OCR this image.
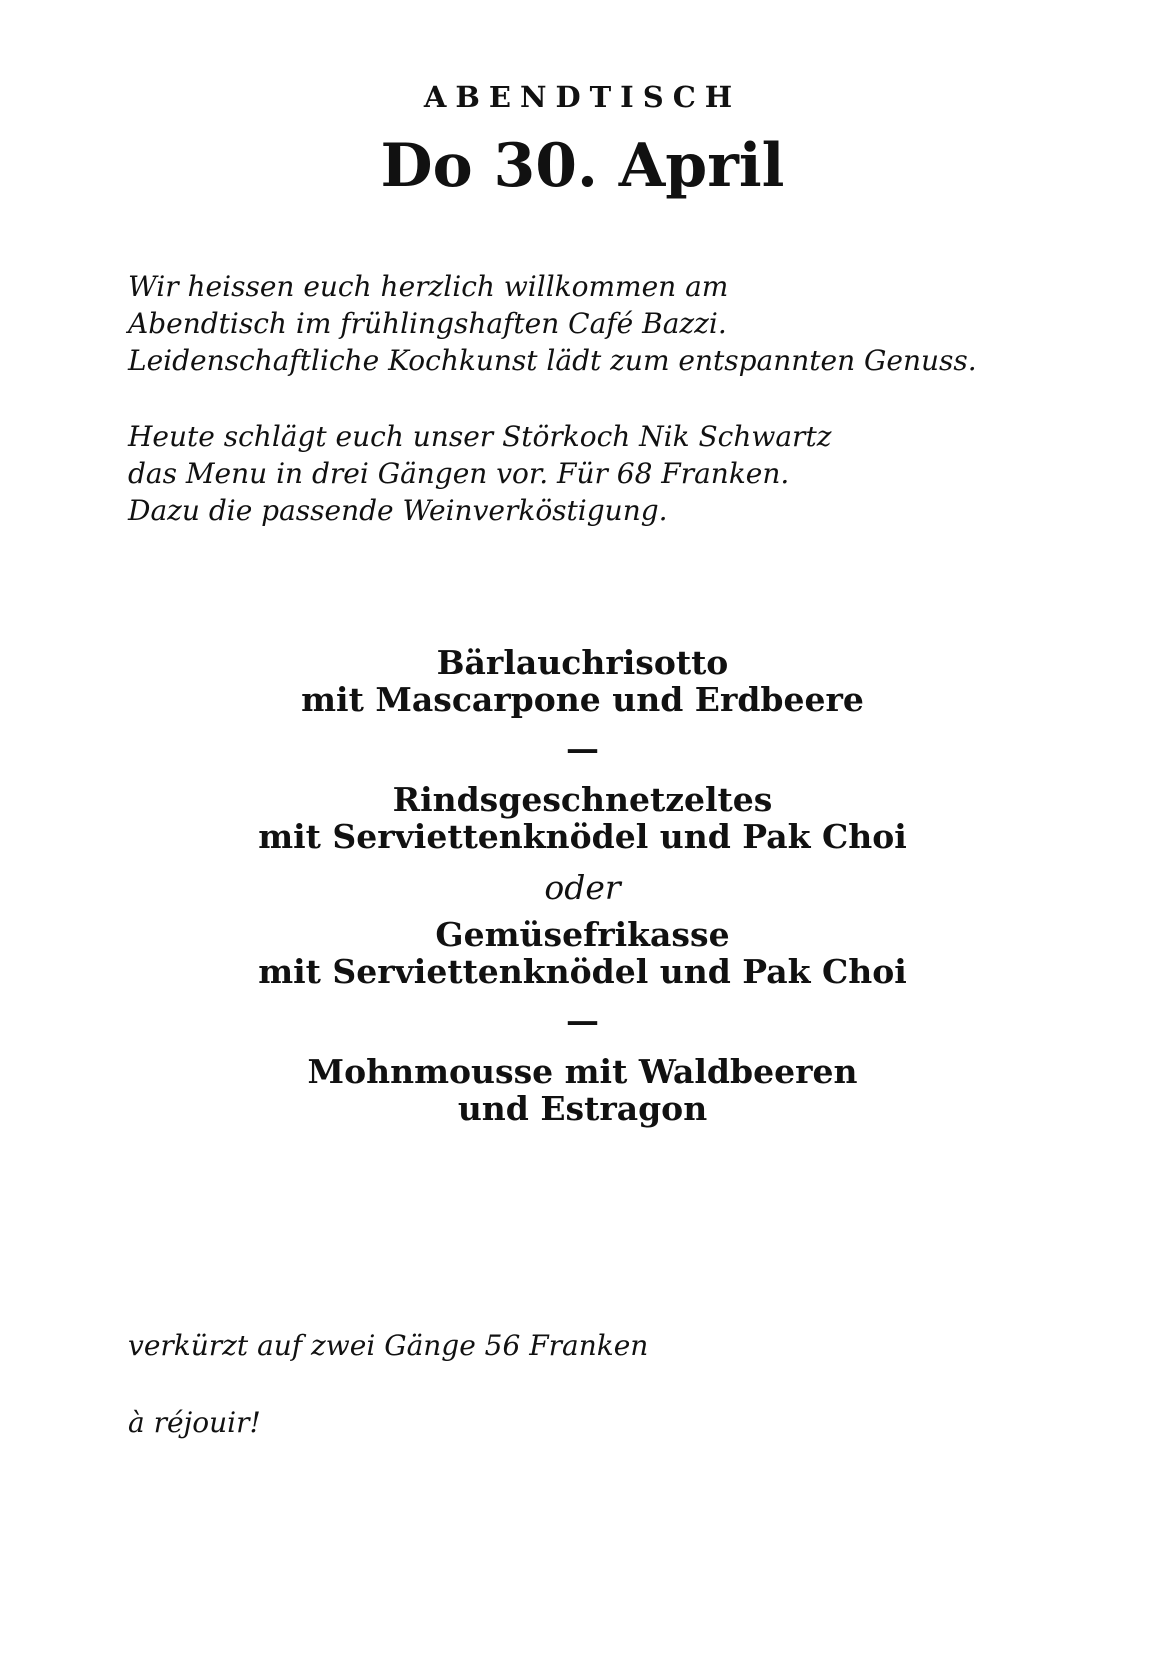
ABENDTISCH

Do 30. April

Wir heissen euch herzlich willkommen am
Abendtisch im frühlingshaften Café Bazzi.
Leidenschaftliche Kochkunst lädt zum entspannten Genuss.

Heute schlägt euch unser Störkoch Nik Schwartz
das Menu in drei Gängen vor. Für 68 Franken.
Dazu die passende Weinverköstigung.

Bärlauchrisotto
mit Mascarpone und Erdbeere
—
Rindsgeschnetzeltes
mit Serviettenknödel und Pak Choi
oder
Gemüsefrikasse
mit Serviettenknödel und Pak Choi
—
Mohnmousse mit Waldbeeren
und Estragon

verkürzt auf zwei Gänge 56 Franken

à réjouir!
